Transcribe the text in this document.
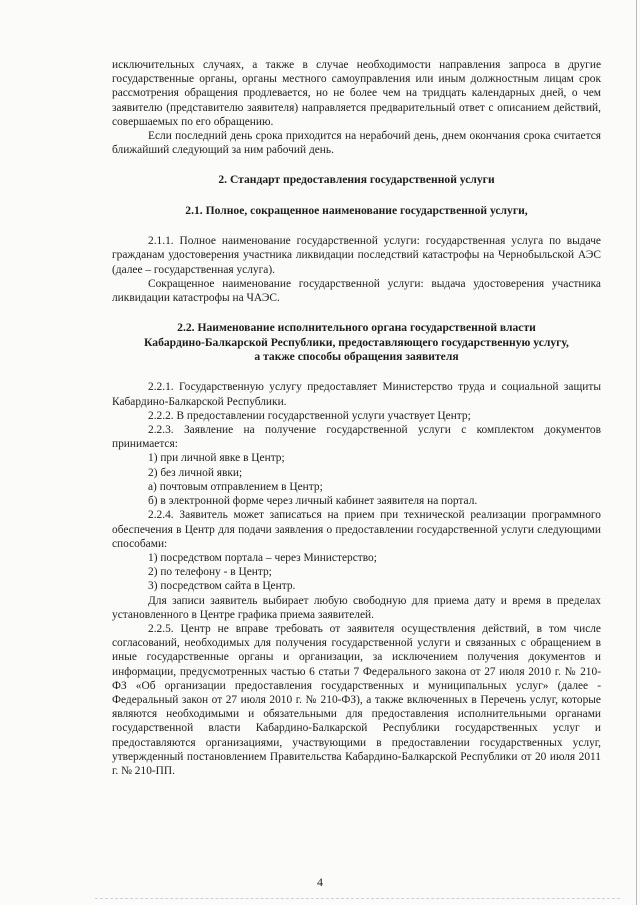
исключительных случаях, а также в случае необходимости направления запроса в другие государственные органы, органы местного самоуправления или иным должностным лицам срок рассмотрения обращения продлевается, но не более чем на тридцать календарных дней, о чем заявителю (представителю заявителя) направляется предварительный ответ с описанием действий, совершаемых по его обращению.

Если последний день срока приходится на нерабочий день, днем окончания срока считается ближайший следующий за ним рабочий день.

2. Стандарт предоставления государственной услуги
2.1. Полное, сокращенное наименование государственной услуги,

2.1.1. Полное наименование государственной услуги: государственная услуга по выдаче гражданам удостоверения участника ликвидации последствий катастрофы на Чернобыльской АЭС (далее – государственная услуга).

Сокращенное наименование государственной услуги: выдача удостоверения участника ликвидации катастрофы на ЧАЭС.

2.2. Наименование исполнительного органа государственной власти
Кабардино-Балкарской Республики, предоставляющего государственную услугу,
а также способы обращения заявителя

2.2.1. Государственную услугу предоставляет Министерство труда и социальной защиты Кабардино-Балкарской Республики.

2.2.2. В предоставлении государственной услуги участвует Центр;

2.2.3. Заявление на получение государственной услуги с комплектом документов принимается:

1) при личной явке в Центр;

2) без личной явки;

а) почтовым отправлением в Центр;

б) в электронной форме через личный кабинет заявителя на портал.

2.2.4. Заявитель может записаться на прием при технической реализации программного обеспечения в Центр для подачи заявления о предоставлении государственной услуги следующими способами:

1) посредством портала – через Министерство;

2) по телефону - в Центр;

3) посредством сайта в Центр.

Для записи заявитель выбирает любую свободную для приема дату и время в пределах установленного в Центре графика приема заявителей.

2.2.5. Центр не вправе требовать от заявителя осуществления действий, в том числе согласований, необходимых для получения государственной услуги и связанных с обращением в иные государственные органы и организации, за исключением получения документов и информации, предусмотренных частью 6 статьи 7 Федерального закона от 27 июля 2010 г. № 210-ФЗ «Об организации предоставления государственных и муниципальных услуг» (далее - Федеральный закон от 27 июля 2010 г. № 210-ФЗ), а также включенных в Перечень услуг, которые являются необходимыми и обязательными для предоставления исполнительными органами государственной власти Кабардино-Балкарской Республики государственных услуг и предоставляются организациями, участвующими в предоставлении государственных услуг, утвержденный постановлением Правительства Кабардино-Балкарской Республики от 20 июля 2011 г. № 210-ПП.

4
